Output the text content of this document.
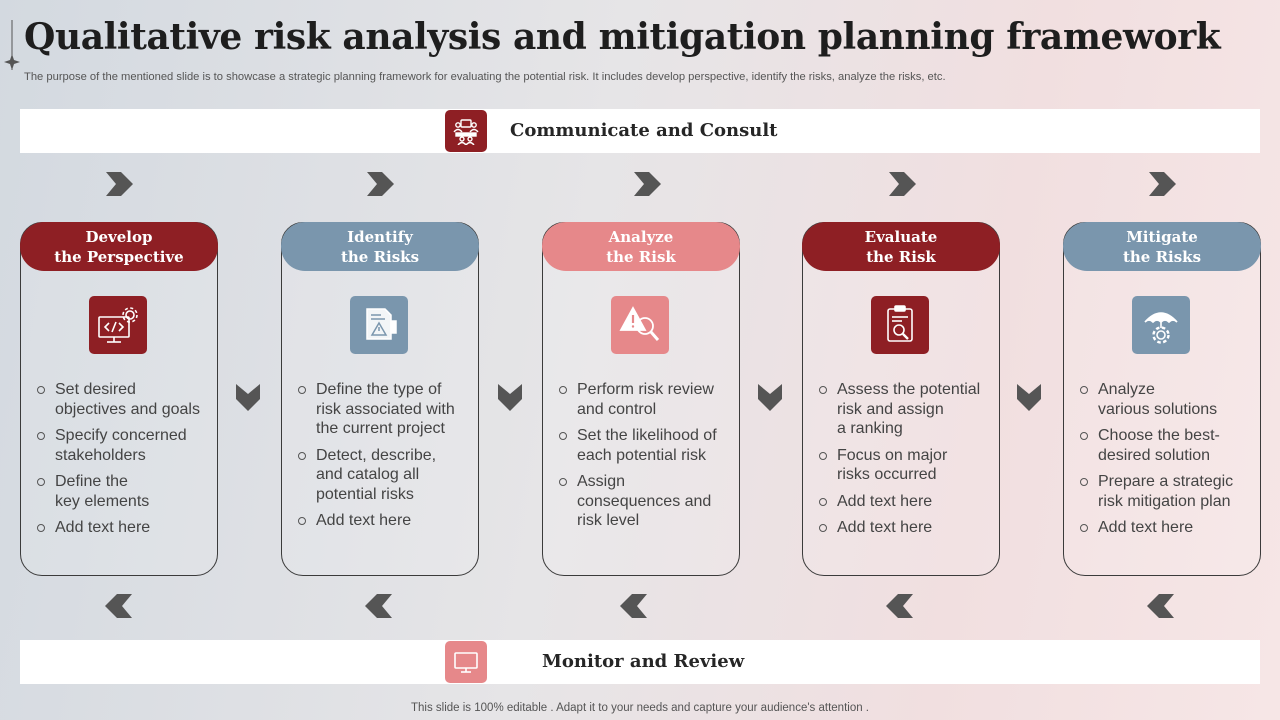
Qualitative risk analysis and mitigation planning framework
The purpose of the mentioned slide is to showcase a strategic planning framework for evaluating the potential risk. It includes develop perspective, identify the risks, analyze the risks, etc.
Communicate and Consult
Monitor and Review
Develop
the Perspective
Set desired
objectives and goals
Specify concerned
stakeholders
Define the
key elements
Add text here
Identify
the Risks
Define the type of
risk associated with
the current project
Detect, describe,
and catalog all
potential risks
Add text here
Analyze
the Risk
Perform risk review
and control
Set the likelihood of
each potential risk
Assign
consequences and
risk level
Evaluate
the Risk
Assess the potential
risk and assign
a ranking
Focus on major
risks occurred
Add text here
Add text here
Mitigate
the Risks
Analyze
various solutions
Choose the best-
desired solution
Prepare a strategic
risk mitigation plan
Add text here
This slide is 100% editable . Adapt it to your needs and capture your audience's attention .
